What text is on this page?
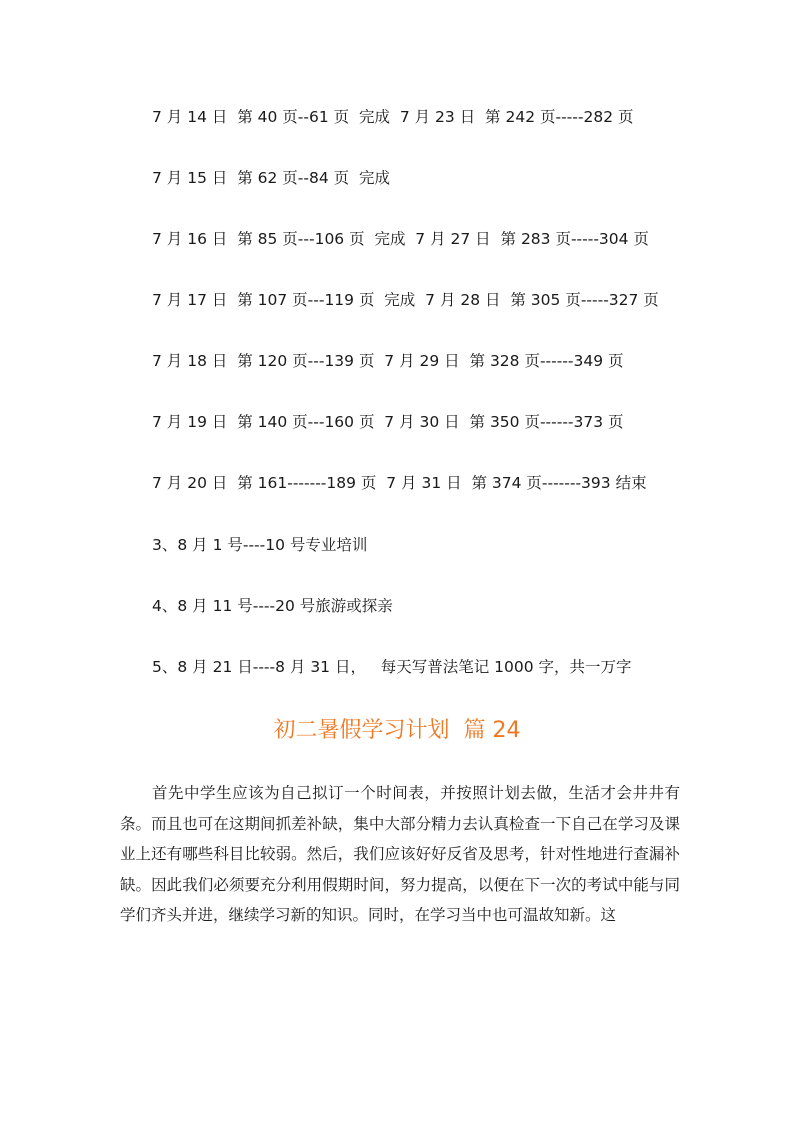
7 月 14 日  第 40 页--61 页  完成  7 月 23 日  第 242 页-----282 页
7 月 15 日  第 62 页--84 页  完成
7 月 16 日  第 85 页---106 页  完成  7 月 27 日  第 283 页-----304 页
7 月 17 日  第 107 页---119 页  完成  7 月 28 日  第 305 页-----327 页
7 月 18 日  第 120 页---139 页  7 月 29 日  第 328 页------349 页
7 月 19 日  第 140 页---160 页  7 月 30 日  第 350 页------373 页
7 月 20 日  第 161-------189 页  7 月 31 日  第 374 页-------393 结束
3、8 月 1 号----10 号专业培训
4、8 月 11 号----20 号旅游或探亲
5、8 月 21 日----8 月 31 日，   每天写普法笔记 1000 字，共一万字
初二暑假学习计划  篇 24
首先中学生应该为自己拟订一个时间表，并按照计划去做，生活才会井井有条。而且也可在这期间抓差补缺，集中大部分精力去认真检查一下自己在学习及课业上还有哪些科目比较弱。然后，我们应该好好反省及思考，针对性地进行查漏补缺。因此我们必须要充分利用假期时间，努力提高，以便在下一次的考试中能与同学们齐头并进，继续学习新的知识。同时，在学习当中也可温故知新。这
